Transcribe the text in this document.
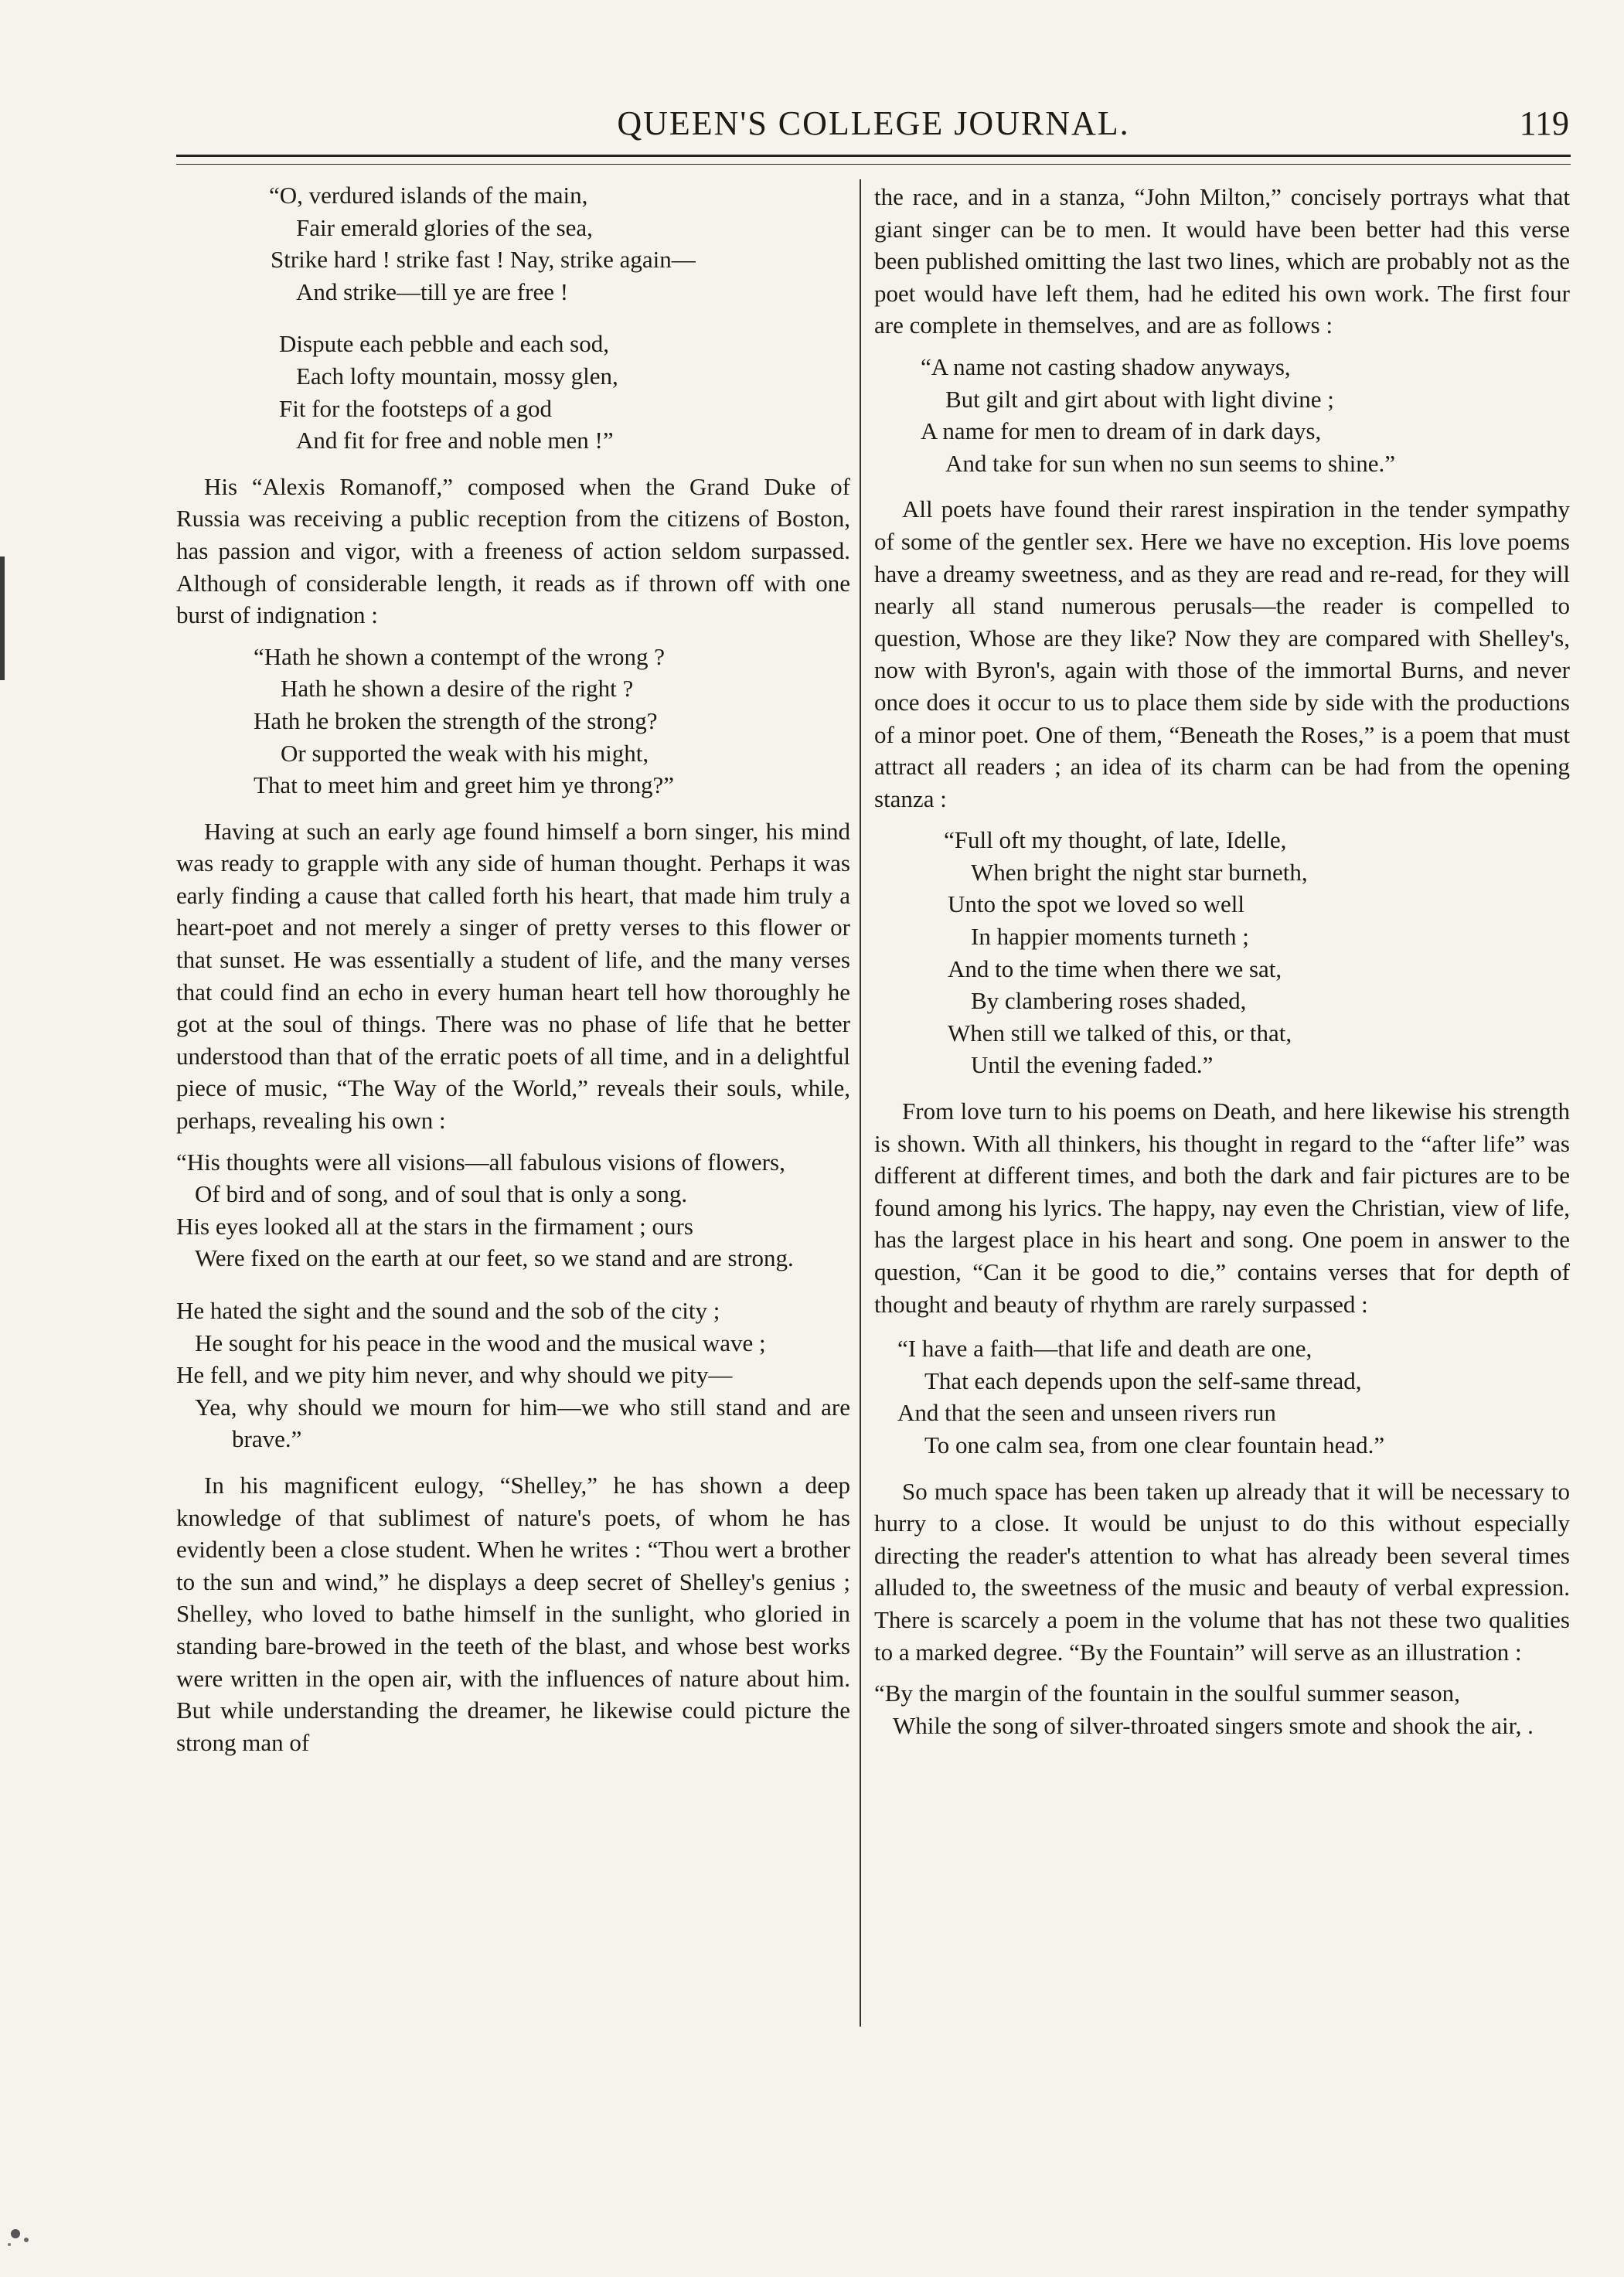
QUEEN'S COLLEGE JOURNAL.	119

“O, verdured islands of the main,

Fair emerald glories of the sea,

Strike hard ! strike fast ! Nay, strike again—

And strike—till ye are free !

Dispute each pebble and each sod,

Each lofty mountain, mossy glen,

Fit for the footsteps of a god

And fit for free and noble men !”

His “Alexis Romanoff,” composed when the Grand Duke of Russia was receiving a public reception from the citizens of Boston, has passion and vigor, with a freeness of action seldom surpassed. Although of considerable length, it reads as if thrown off with one burst of indignation :

“Hath he shown a contempt of the wrong ?

Hath he shown a desire of the right ?

Hath he broken the strength of the strong?

Or supported the weak with his might,

That to meet him and greet him ye throng?”

Having at such an early age found himself a born singer, his mind was ready to grapple with any side of human thought. Perhaps it was early finding a cause that called forth his heart, that made him truly a heart-poet and not merely a singer of pretty verses to this flower or that sunset. He was essentially a student of life, and the many verses that could find an echo in every human heart tell how thoroughly he got at the soul of things. There was no phase of life that he better understood than that of the erratic poets of all time, and in a delightful piece of music, “The Way of the World,” reveals their souls, while, perhaps, revealing his own :

“His thoughts were all visions—all fabulous visions of flowers,

Of bird and of song, and of soul that is only a song.

His eyes looked all at the stars in the firmament ; ours

Were fixed on the earth at our feet, so we stand and are strong.

He hated the sight and the sound and the sob of the city ;

He sought for his peace in the wood and the musical wave ;

He fell, and we pity him never, and why should we pity—

Yea, why should we mourn for him—we who still stand and are brave.”

In his magnificent eulogy, “Shelley,” he has shown a deep knowledge of that sublimest of nature's poets, of whom he has evidently been a close student. When he writes : “Thou wert a brother to the sun and wind,” he displays a deep secret of Shelley's genius ; Shelley, who loved to bathe himself in the sunlight, who gloried in standing bare-browed in the teeth of the blast, and whose best works were written in the open air, with the influences of nature about him. But while understanding the dreamer, he likewise could picture the strong man of

the race, and in a stanza, “John Milton,” concisely portrays what that giant singer can be to men. It would have been better had this verse been published omitting the last two lines, which are probably not as the poet would have left them, had he edited his own work. The first four are complete in themselves, and are as follows :

“A name not casting shadow anyways,

But gilt and girt about with light divine ;

A name for men to dream of in dark days,

And take for sun when no sun seems to shine.”

All poets have found their rarest inspiration in the tender sympathy of some of the gentler sex. Here we have no exception. His love poems have a dreamy sweetness, and as they are read and re-read, for they will nearly all stand numerous perusals—the reader is compelled to question, Whose are they like? Now they are compared with Shelley's, now with Byron's, again with those of the immortal Burns, and never once does it occur to us to place them side by side with the productions of a minor poet. One of them, “Beneath the Roses,” is a poem that must attract all readers ; an idea of its charm can be had from the opening stanza :

“Full oft my thought, of late, Idelle,

When bright the night star burneth,

Unto the spot we loved so well

In happier moments turneth ;

And to the time when there we sat,

By clambering roses shaded,

When still we talked of this, or that,

Until the evening faded.”

From love turn to his poems on Death, and here likewise his strength is shown. With all thinkers, his thought in regard to the “after life” was different at different times, and both the dark and fair pictures are to be found among his lyrics. The happy, nay even the Christian, view of life, has the largest place in his heart and song. One poem in answer to the question, “Can it be good to die,” contains verses that for depth of thought and beauty of rhythm are rarely surpassed :

“I have a faith—that life and death are one,

That each depends upon the self-same thread,

And that the seen and unseen rivers run

To one calm sea, from one clear fountain head.”

So much space has been taken up already that it will be necessary to hurry to a close. It would be unjust to do this without especially directing the reader's attention to what has already been several times alluded to, the sweetness of the music and beauty of verbal expression. There is scarcely a poem in the volume that has not these two qualities to a marked degree. “By the Fountain” will serve as an illustration :

“By the margin of the fountain in the soulful summer season,

While the song of silver-throated singers smote and shook the air, .
